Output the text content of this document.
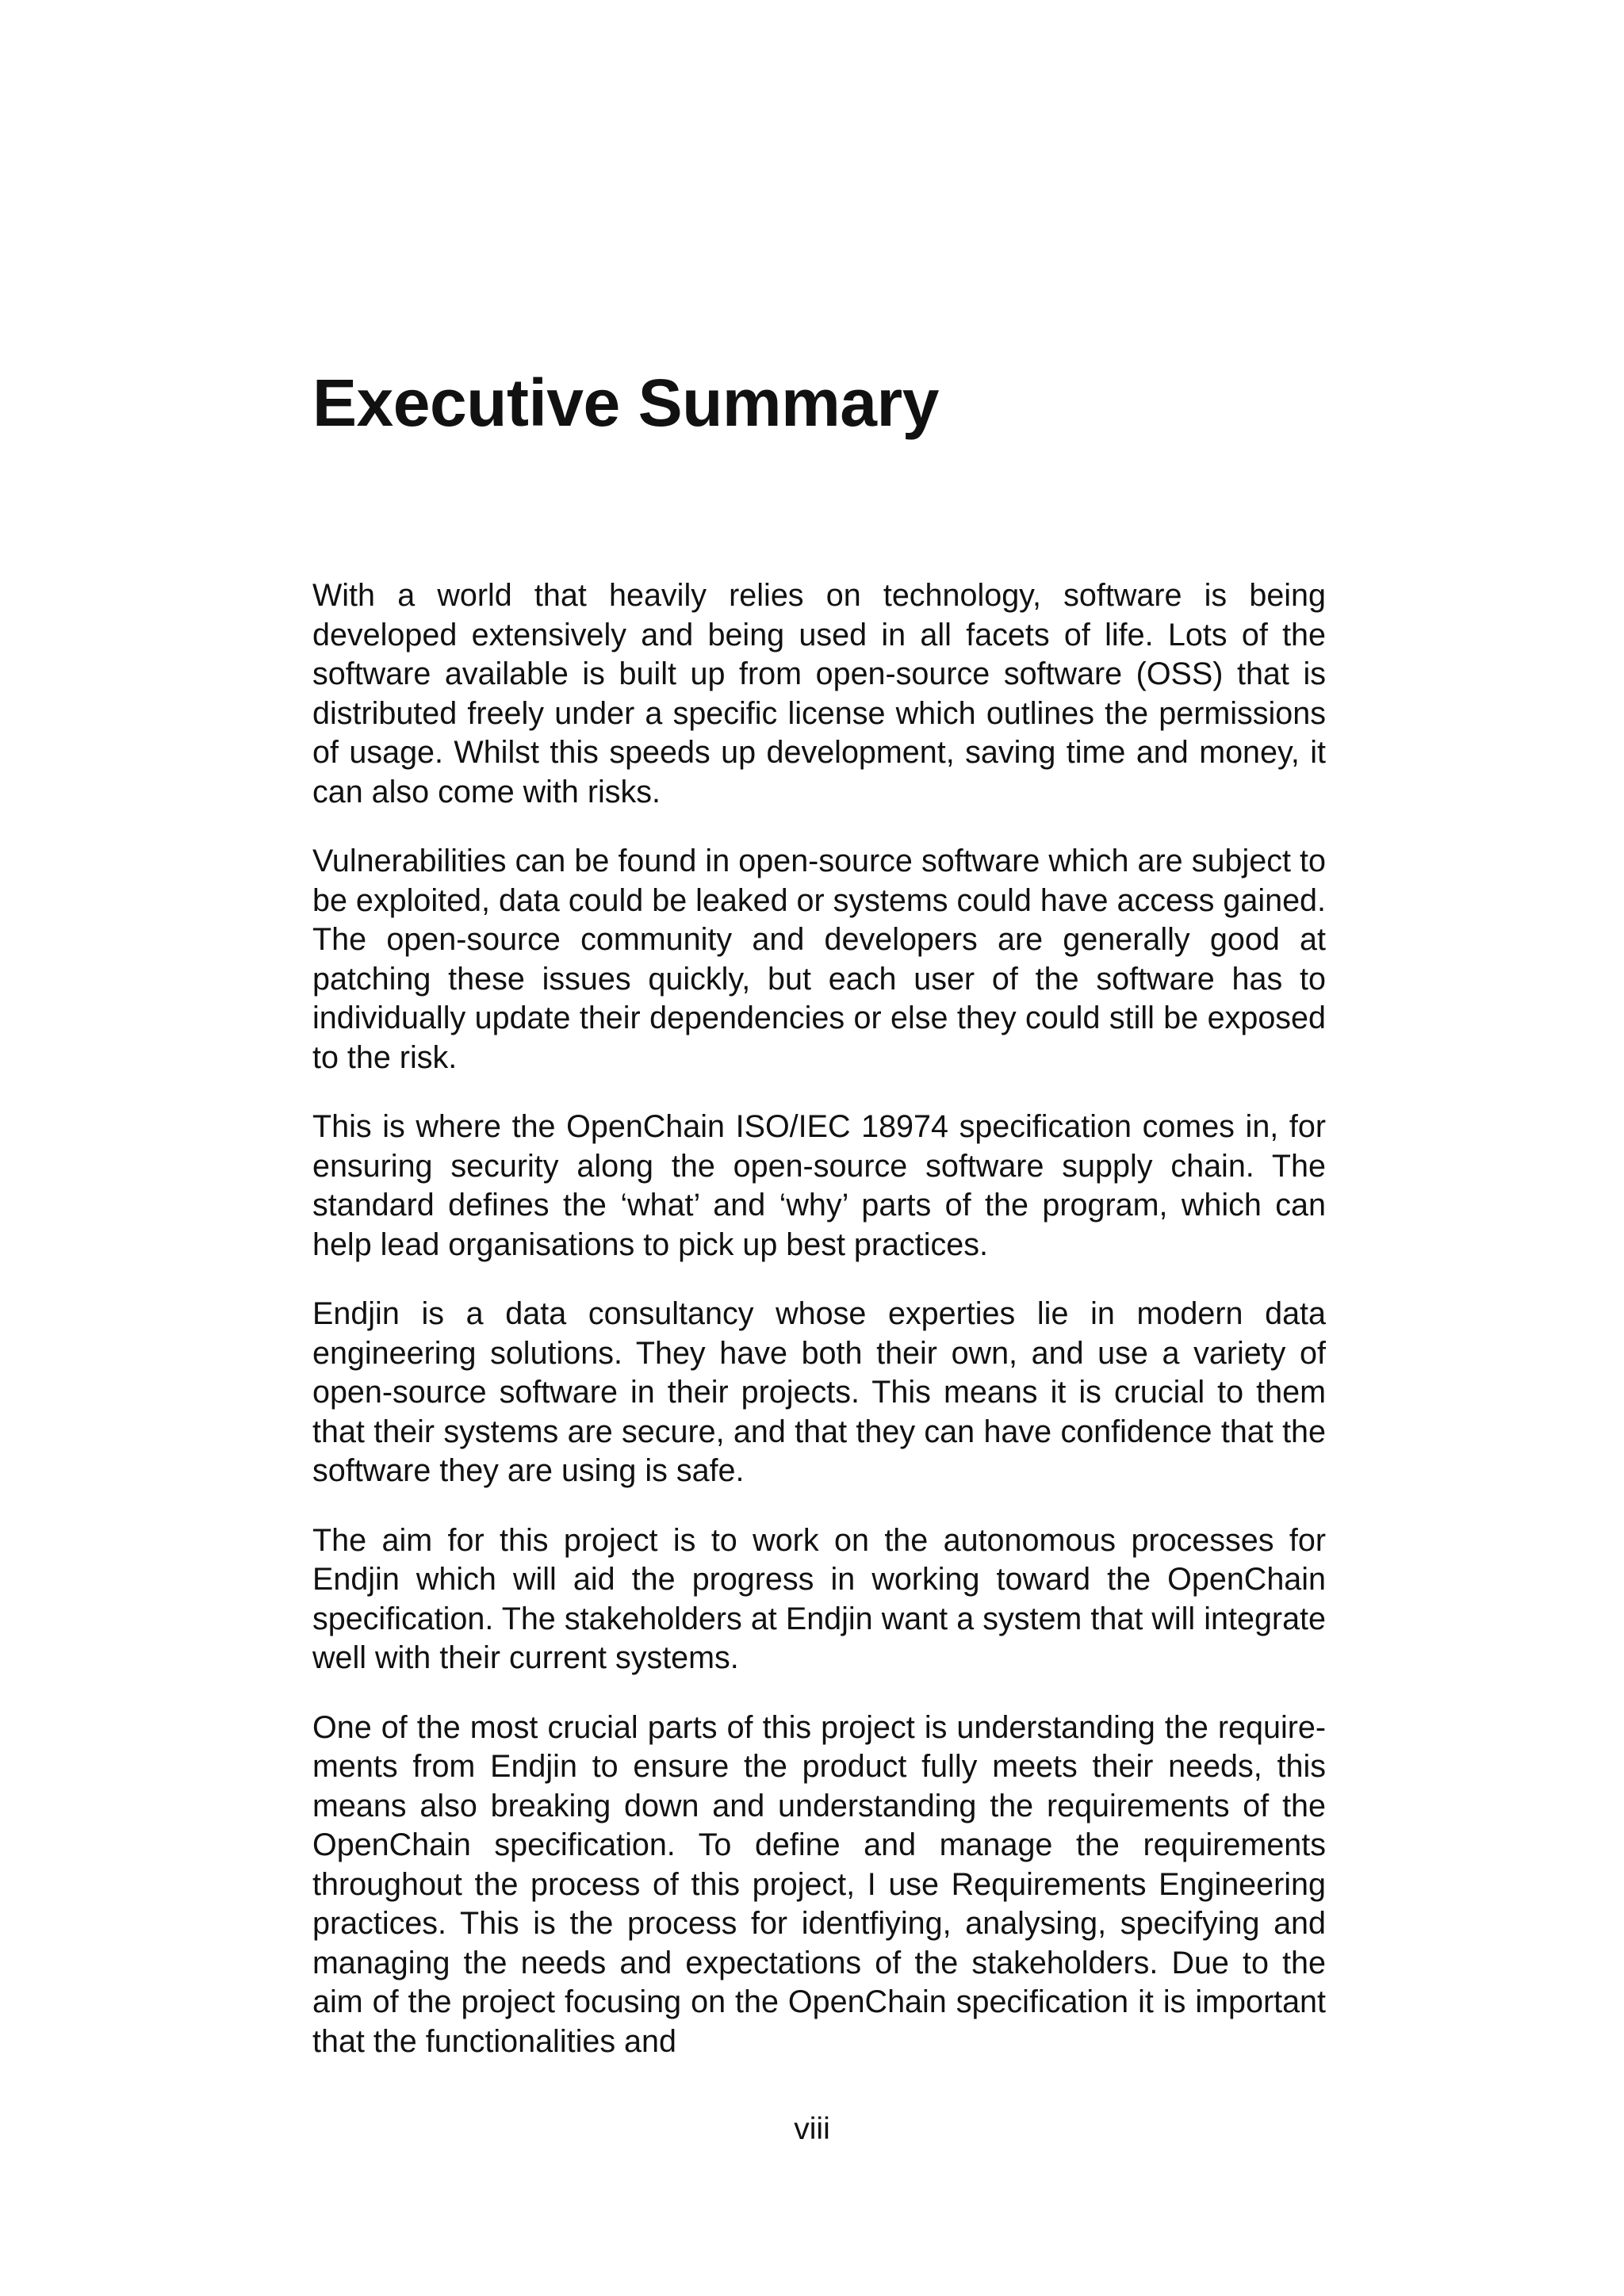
Executive Summary

With a world that heavily relies on technology, software is being developed extensively and being used in all facets of life. Lots of the software available is built up from open-source software (OSS) that is distributed freely under a specific license which outlines the permissions of usage. Whilst this speeds up development, saving time and money, it can also come with risks.

Vulnerabilities can be found in open-source software which are subject to be exploited, data could be leaked or systems could have access gained. The open-source community and developers are generally good at patching these issues quickly, but each user of the software has to individually update their dependencies or else they could still be exposed to the risk.

This is where the OpenChain ISO/IEC 18974 specification comes in, for ensuring security along the open-source software supply chain. The standard defines the ‘what’ and ‘why’ parts of the program, which can help lead organisations to pick up best practices.

Endjin is a data consultancy whose experties lie in modern data engineering solutions. They have both their own, and use a variety of open-source software in their projects. This means it is crucial to them that their systems are secure, and that they can have confidence that the software they are using is safe.

The aim for this project is to work on the autonomous processes for Endjin which will aid the progress in working toward the OpenChain specification. The stakeholders at Endjin want a system that will integrate well with their current systems.

One of the most crucial parts of this project is understanding the requirements from Endjin to ensure the product fully meets their needs, this means also breaking down and understanding the requirements of the OpenChain specification. To define and manage the requirements throughout the process of this project, I use Requirements Engineering practices. This is the process for identfiying, analysing, specifying and managing the needs and expectations of the stakeholders. Due to the aim of the project focusing on the OpenChain specification it is important that the functionalities and

viii
